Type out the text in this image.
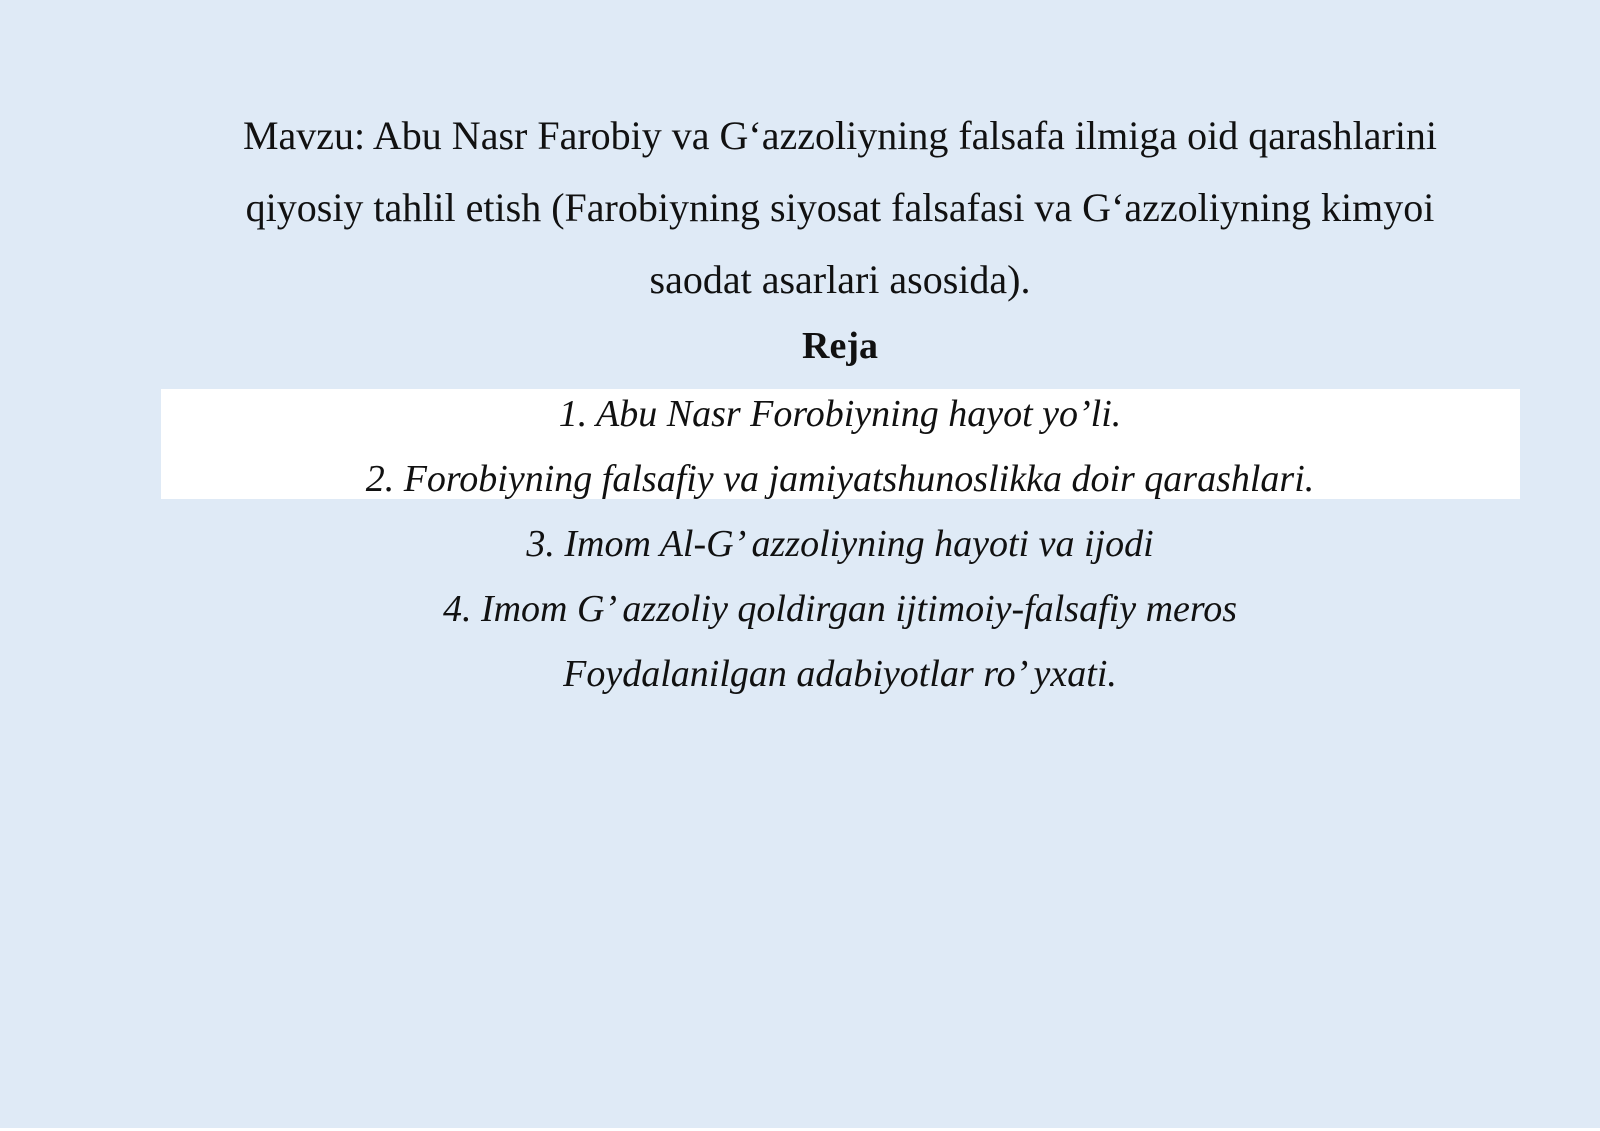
Mavzu: Abu Nasr Farobiy va G‘azzoliyning falsafa ilmiga oid qarashlarini
qiyosiy tahlil etish (Farobiyning siyosat falsafasi va G‘azzoliyning kimyoi
saodat asarlari asosida).
Reja
1. Abu Nasr Forobiyning hayot yo’li.
2. Forobiyning falsafiy va jamiyatshunoslikka doir qarashlari.
3. Imom Al-G’ azzoliyning hayoti va ijodi
4. Imom G’ azzoliy qoldirgan ijtimoiy-falsafiy meros
Foydalanilgan adabiyotlar ro’ yxati.
